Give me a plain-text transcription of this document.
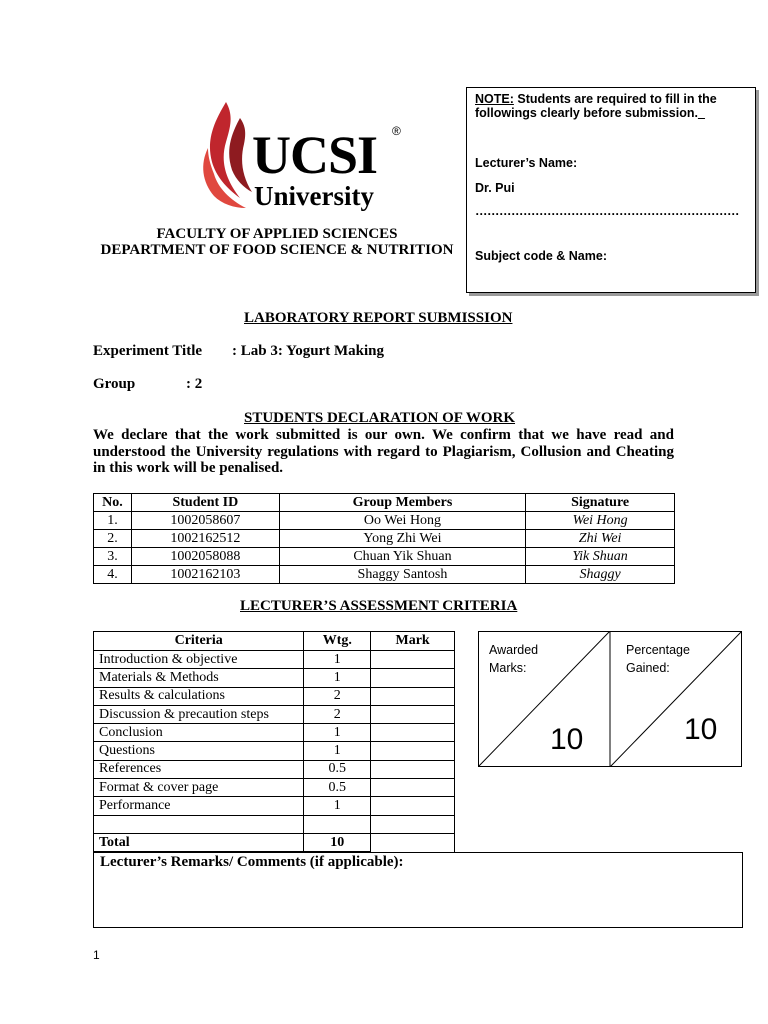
UCSI ®
University
FACULTY OF APPLIED SCIENCES
DEPARTMENT OF FOOD SCIENCE & NUTRITION

NOTE: Students are required to fill in the followings clearly before submission._

Lecturer’s Name:

Dr. Pui

…………………………………………………………

Subject code & Name:

LABORATORY REPORT SUBMISSION
Experiment Title : Lab 3: Yogurt Making
Group	: 2
STUDENTS DECLARATION OF WORK
We declare that the work submitted is our own. We confirm that we have read and understood the University regulations with regard to Plagiarism, Collusion and Cheating in this work will be penalised.
No.	Student ID	Group Members	Signature
1.	1002058607	Oo Wei Hong	Wei Hong
2.	1002162512	Yong Zhi Wei	Zhi Wei
3.	1002058088	Chuan Yik Shuan	Yik Shuan
4.	1002162103	Shaggy Santosh	Shaggy
LECTURER’S ASSESSMENT CRITERIA
Criteria	Wtg.	Mark
Introduction & objective	1	
Materials & Methods	1	
Results & calculations	2	
Discussion & precaution steps	2	
Conclusion	1	
Questions	1	
References	0.5	
Format & cover page	0.5	
Performance	1	

Total	10	
Awarded
Marks:
10
Percentage
Gained:
10
Lecturer’s Remarks/ Comments (if applicable):
1
